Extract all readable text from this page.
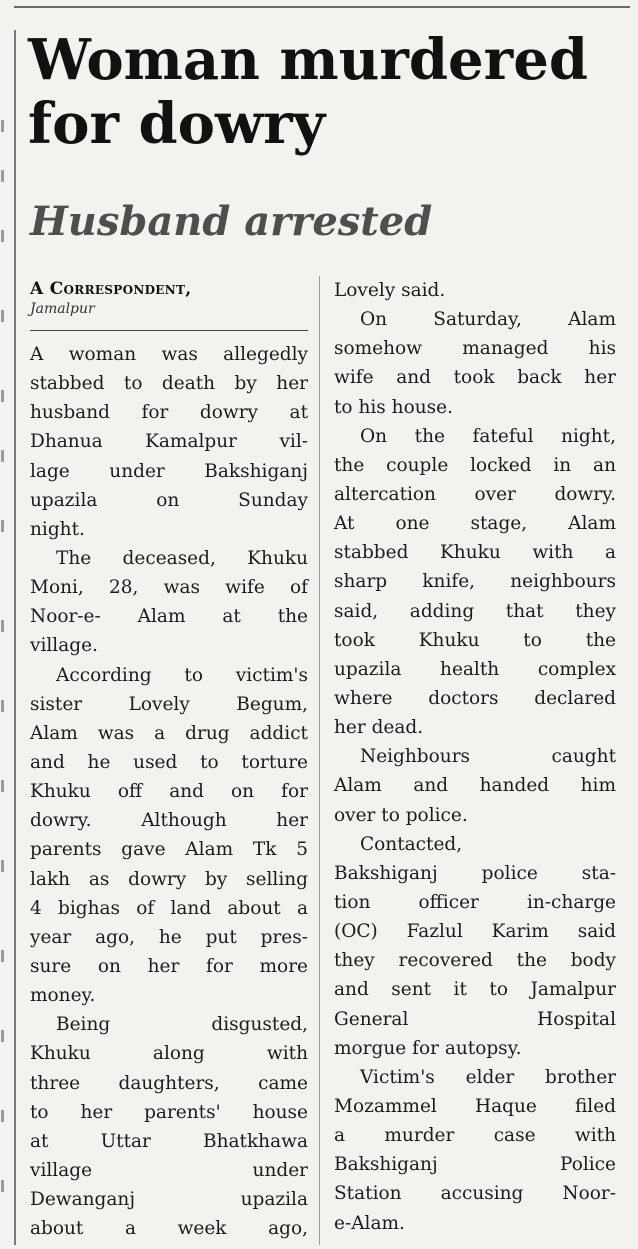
Woman murdered
for dowry
Husband arrested
A Correspondent,
Jamalpur
A woman was allegedly
stabbed to death by her
husband for dowry at
Dhanua Kamalpur vil-
lage under Bakshiganj
upazila on Sunday
night.
The deceased, Khuku
Moni, 28, was wife of
Noor-e- Alam at the
village.
According to victim's
sister Lovely Begum,
Alam was a drug addict
and he used to torture
Khuku off and on for
dowry. Although her
parents gave Alam Tk 5
lakh as dowry by selling
4 bighas of land about a
year ago, he put pres-
sure on her for more
money.
Being disgusted,
Khuku along with
three daughters, came
to her parents' house
at Uttar Bhatkhawa
village under
Dewanganj upazila
about a week ago,
Lovely said.
On Saturday, Alam
somehow managed his
wife and took back her
to his house.
On the fateful night,
the couple locked in an
altercation over dowry.
At one stage, Alam
stabbed Khuku with a
sharp knife, neighbours
said, adding that they
took Khuku to the
upazila health complex
where doctors declared
her dead.
Neighbours caught
Alam and handed him
over to police.
Contacted,
Bakshiganj police sta-
tion officer in-charge
(OC) Fazlul Karim said
they recovered the body
and sent it to Jamalpur
General Hospital
morgue for autopsy.
Victim's elder brother
Mozammel Haque filed
a murder case with
Bakshiganj Police
Station accusing Noor-
e-Alam.
